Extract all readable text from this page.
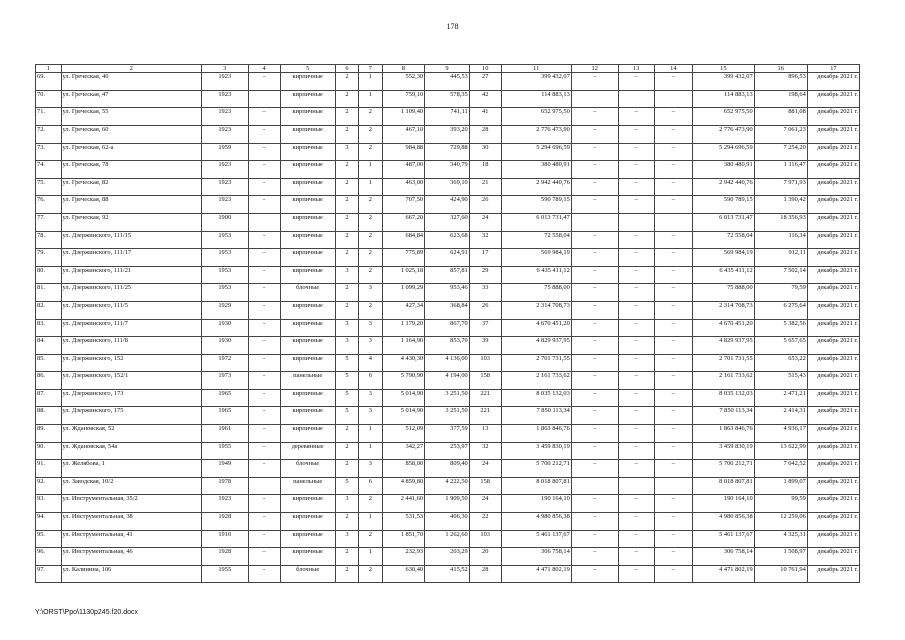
178
1	2	3	4	5	6	7	8	9	10	11	12	13	14	15	16	17
69.	ул. Греческая, 46	1923	-	кирпичные	2	1	552,30	445,53	27	399 432,07	–	–	–	399 432,07	896,53	декабрь 2021 г.
70.	ул. Греческая, 47	1923		кирпичные	2	1	759,10	578,35	42	114 883,13				114 883,13	198,64	декабрь 2021 г.
71.	ул. Греческая, 55	1923	–	кирпичные	2	2	1 109,40	741,11	41	652 975,50	–	–	–	652 975,50	881,08	декабрь 2021 г.
72.	ул. Греческая, 60	1923	-	кирпичные	2	2	467,10	393,20	28	2 776 473,90	–	–	–	2 776 473,90	7 061,23	декабрь 2021 г.
73.	ул. Греческая, 62-а	1959	–	кирпичные	3	2	984,88	729,88	30	5 294 696,59	–	–	–	5 294 696,59	7 254,20	декабрь 2021 г.
74.	ул. Греческая, 78	1923	-	кирпичные	2	1	487,00	340,79	18	380 480,91	–	–	–	380 480,91	1 116,47	декабрь 2021 г.
75.	ул. Греческая, 82	1923	-	кирпичные	2	1	463,00	369,10	21	2 942 440,76	–	–	–	2 942 440,76	7 971,93	декабрь 2021 г.
76.	ул. Греческая, 88	1923	-	кирпичные	2	2	707,50	424,90	26	590 789,15	–	–	–	590 789,15	1 390,42	декабрь 2021 г.
77.	ул. Греческая, 92	1900		кирпичные	2	2	667,20	327,60	24	6 013 731,47				6 013 731,47	18 356,93	декабрь 2021 г.
78.	ул. Дзержинского, 111/15	1953	-	кирпичные	2	2	684,84	623,68	32	72 558,04	–	–	–	72 558,04	116,34	декабрь 2021 г.
79.	ул. Дзержинского, 111/17	1953	–	кирпичные	2	2	775,89	624,91	17	569 984,19	–	–	–	569 984,19	912,11	декабрь 2021 г.
80.	ул. Дзержинского, 111/21	1953	-	кирпичные	3	2	1 025,18	857,81	29	6 435 411,12	–	–	–	6 435 411,12	7 502,14	декабрь 2021 г.
81.	ул. Дзержинского, 111/25	1953	-	блочные	2	3	1 099,29	953,46	33	75 888,00	–	–	–	75 888,00	79,59	декабрь 2021 г.
82.	ул. Дзержинского, 111/5	1929	-	кирпичные	2	2	427,34	368,84	26	2 314 708,73	–	–	–	2 314 708,73	6 275,64	декабрь 2021 г.
83.	ул. Дзержинского, 111/7	1930	-	кирпичные	3	3	1 179,20	867,70	37	4 670 451,20	–	–	–	4 670 451,20	5 382,56	декабрь 2021 г.
84.	ул. Дзержинского, 111/8	1930	–	кирпичные	3	3	1 164,90	853,70	39	4 829 937,95	–	–	–	4 829 937,95	5 657,65	декабрь 2021 г.
85.	ул. Дзержинского, 152	1972	-	кирпичные	5	4	4 430,30	4 136,00	103	2 701 731,55	–	–	–	2 701 731,55	653,22	декабрь 2021 г.
86.	ул. Дзержинского, 152/1	1973	-	панельные	5	6	5 790,90	4 194,00	158	2 161 733,62	–	–	–	2 161 733,62	515,43	декабрь 2021 г.
87.	ул. Дзержинского, 173	1965	-	кирпичные	5	3	5 014,90	3 251,50	221	8 035 132,03	–	–	–	8 035 132,03	2 471,21	декабрь 2021 г.
88.	ул. Дзержинского, 175	1965	-	кирпичные	5	3	5 014,90	3 251,50	221	7 850 113,34	–	–	–	7 850 113,34	2 414,31	декабрь 2021 г.
89.	ул. Ждановская, 52	1961	-	кирпичные	2	1	512,09	377,59	13	1 863 846,76	–	–	–	1 863 846,76	4 936,17	декабрь 2021 г.
90.	ул. Ждановская, 54а	1955	–	деревянные	2	1	342,27	253,97	32	3 459 830,19	–	–	–	3 459 830,19	13 622,99	декабрь 2021 г.
91.	ул. Желябова, 1	1949	-	блочные	2	3	858,00	809,40	24	5 700 212,71	–	–	–	5 700 212,71	7 042,52	декабрь 2021 г.
92.	ул. Заводская, 10/2	1978		панельные	5	6	4 859,80	4 222,50	158	8 018 807,81				8 018 807,81	1 899,07	декабрь 2021 г.
93.	ул. Инструментальная, 35/2	1923	-	кирпичные	3	2	2 441,60	1 909,50	24	190 164,10	–	–	–	190 164,10	99,59	декабрь 2021 г.
94.	ул. Инструментальная, 38	1928	-	кирпичные	2	1	531,53	406,30	22	4 980 856,38	–	–	–	4 980 856,38	12 259,06	декабрь 2021 г.
95.	ул. Инструментальная, 41	1910	-	кирпичные	3	2	1 851,70	1 262,60	103	5 461 137,67	–	–	–	5 461 137,67	4 325,31	декабрь 2021 г.
96.	ул. Инструментальная, 46	1928	–	кирпичные	2	1	232,93	203,29	20	306 758,14	–	–	–	306 758,14	1 508,97	декабрь 2021 г.
97.	ул. Калинина, 106	1955	-	блочные	2	2	630,40	415,52	28	4 471 802,19	–	–	–	4 471 802,19	10 761,94	декабрь 2021 г.
Y:\ORST\Ppo\1130p245.f20.docx
